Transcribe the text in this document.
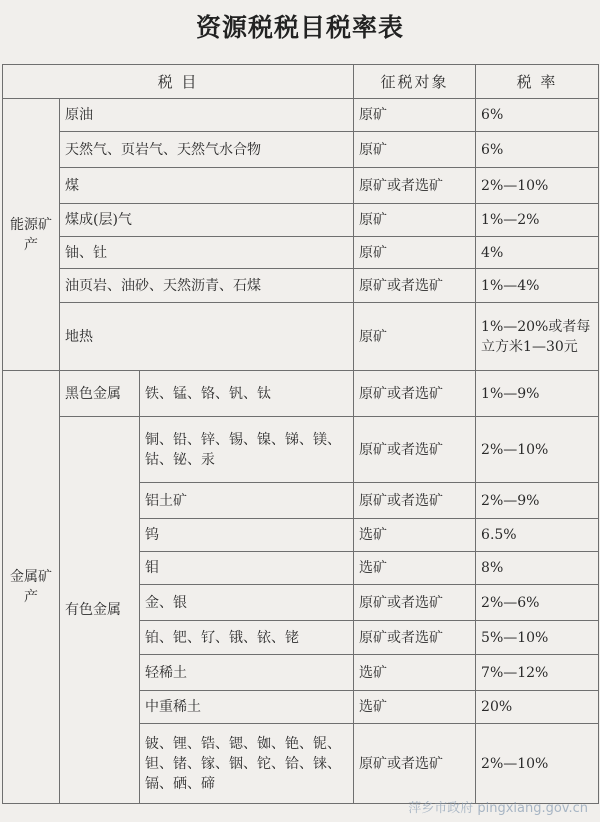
资源税税目税率表
税 目			征税对象	税 率
能源矿产	原油		原矿	6%
	天然气、页岩气、天然气水合物		原矿	6%
	煤		原矿或者选矿	2%—10%
	煤成(层)气		原矿	1%—2%
	铀、钍		原矿	4%
	油页岩、油砂、天然沥青、石煤		原矿或者选矿	1%—4%
	地热		原矿	1%—20%或者每立方米1—30元
金属矿产	黑色金属	铁、锰、铬、钒、钛	原矿或者选矿	1%—9%
	有色金属	铜、铅、锌、锡、镍、锑、镁、钴、铋、汞	原矿或者选矿	2%—10%
		铝土矿	原矿或者选矿	2%—9%
		钨	选矿	6.5%
		钼	选矿	8%
		金、银	原矿或者选矿	2%—6%
		铂、钯、钌、锇、铱、铑	原矿或者选矿	5%—10%
		轻稀土	选矿	7%—12%
		中重稀土	选矿	20%
		铍、锂、锆、锶、铷、铯、铌、钽、锗、镓、铟、铊、铪、铼、镉、硒、碲	原矿或者选矿	2%—10%
萍乡市政府 pingxiang.gov.cn
